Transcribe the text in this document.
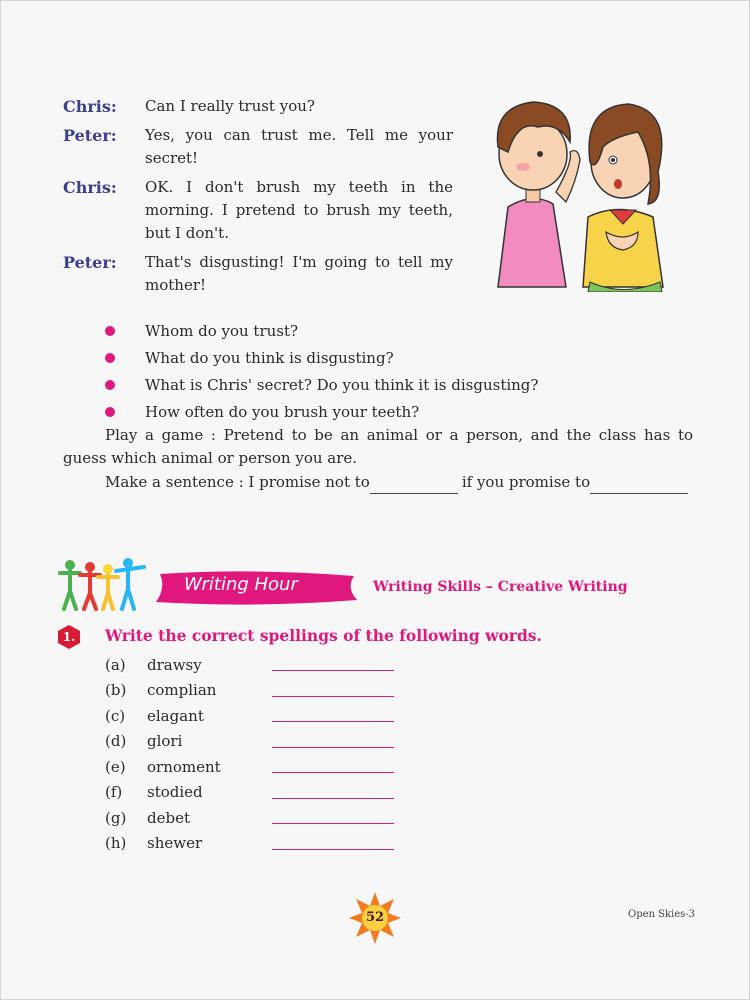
Chris:	Can I really trust you?
Peter:	Yes, you can trust me. Tell me your secret!
Chris:	OK. I don't brush my teeth in the morning. I pretend to brush my teeth, but I don't.
Peter:	That's disgusting! I'm going to tell my mother!
Whom do you trust?
What do you think is disgusting?
What is Chris' secret? Do you think it is disgusting?
How often do you brush your teeth?
Play a game : Pretend to be an animal or a person, and the class has to guess which animal or person you are.
Make a sentence : I promise not to	if you promise to
Writing Hour	Writing Skills – Creative Writing
1.	Write the correct spellings of the following words.
(a)	drawsy
(b)	complian
(c)	elagant
(d)	glori
(e)	ornoment
(f)	stodied
(g)	debet
(h)	shewer
52	Open Skies-3
